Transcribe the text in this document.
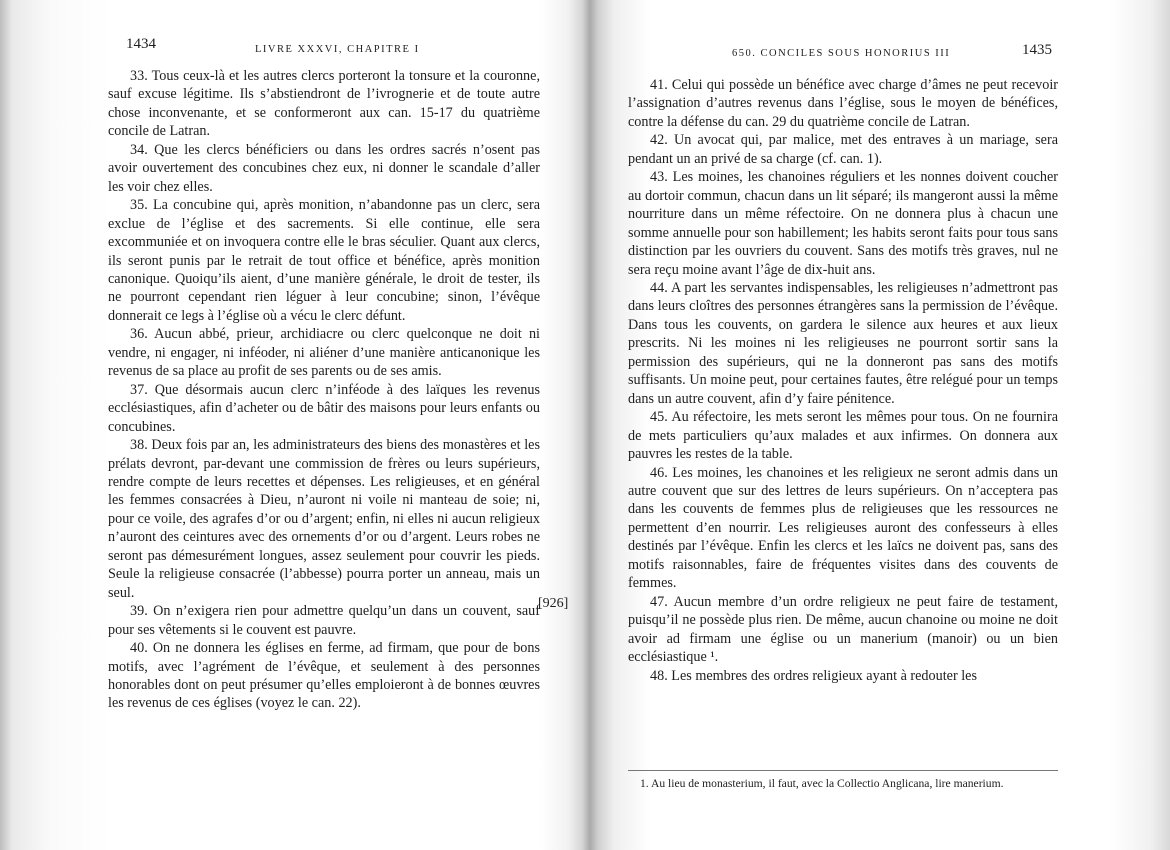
1434	LIVRE XXXVI, CHAPITRE I

33. Tous ceux-là et les autres clercs porteront la tonsure et la couronne, sauf excuse légitime. Ils s’abstiendront de l’ivrognerie et de toute autre chose inconvenante, et se conformeront aux can. 15-17 du quatrième concile de Latran.

34. Que les clercs bénéficiers ou dans les ordres sacrés n’osent pas avoir ouvertement des concubines chez eux, ni donner le scandale d’aller les voir chez elles.

35. La concubine qui, après monition, n’abandonne pas un clerc, sera exclue de l’église et des sacrements. Si elle continue, elle sera excommuniée et on invoquera contre elle le bras séculier. Quant aux clercs, ils seront punis par le retrait de tout office et bénéfice, après monition canonique. Quoiqu’ils aient, d’une manière générale, le droit de tester, ils ne pourront cependant rien léguer à leur concubine; sinon, l’évêque donnerait ce legs à l’église où a vécu le clerc défunt.

36. Aucun abbé, prieur, archidiacre ou clerc quelconque ne doit ni vendre, ni engager, ni inféoder, ni aliéner d’une manière anticanonique les revenus de sa place au profit de ses parents ou de ses amis.

37. Que désormais aucun clerc n’inféode à des laïques les revenus ecclésiastiques, afin d’acheter ou de bâtir des maisons pour leurs enfants ou concubines.

38. Deux fois par an, les administrateurs des biens des monastères et les prélats devront, par-devant une commission de frères ou leurs supérieurs, rendre compte de leurs recettes et dépenses. Les religieuses, et en général les femmes consacrées à Dieu, n’auront ni voile ni manteau de soie; ni, pour ce voile, des agrafes d’or ou d’argent; enfin, ni elles ni aucun religieux n’auront des ceintures avec des ornements d’or ou d’argent. Leurs robes ne seront pas démesurément longues, assez seulement pour couvrir les pieds. Seule la religieuse consacrée (l’abbesse) pourra porter un anneau, mais un seul.

39. On n’exigera rien pour admettre quelqu’un dans un couvent, sauf pour ses vêtements si le couvent est pauvre.

40. On ne donnera les églises en ferme, ad firmam, que pour de bons motifs, avec l’agrément de l’évêque, et seulement à des personnes honorables dont on peut présumer qu’elles emploieront à de bonnes œuvres les revenus de ces églises (voyez le can. 22).

[926]
650. CONCILES SOUS HONORIUS III	1435

41. Celui qui possède un bénéfice avec charge d’âmes ne peut recevoir l’assignation d’autres revenus dans l’église, sous le moyen de bénéfices, contre la défense du can. 29 du quatrième concile de Latran.

42. Un avocat qui, par malice, met des entraves à un mariage, sera pendant un an privé de sa charge (cf. can. 1).

43. Les moines, les chanoines réguliers et les nonnes doivent coucher au dortoir commun, chacun dans un lit séparé; ils mangeront aussi la même nourriture dans un même réfectoire. On ne donnera plus à chacun une somme annuelle pour son habillement; les habits seront faits pour tous sans distinction par les ouvriers du couvent. Sans des motifs très graves, nul ne sera reçu moine avant l’âge de dix-huit ans.

44. A part les servantes indispensables, les religieuses n’admettront pas dans leurs cloîtres des personnes étrangères sans la permission de l’évêque. Dans tous les couvents, on gardera le silence aux heures et aux lieux prescrits. Ni les moines ni les religieuses ne pourront sortir sans la permission des supérieurs, qui ne la donneront pas sans des motifs suffisants. Un moine peut, pour certaines fautes, être relégué pour un temps dans un autre couvent, afin d’y faire pénitence.

45. Au réfectoire, les mets seront les mêmes pour tous. On ne fournira de mets particuliers qu’aux malades et aux infirmes. On donnera aux pauvres les restes de la table.

46. Les moines, les chanoines et les religieux ne seront admis dans un autre couvent que sur des lettres de leurs supérieurs. On n’acceptera pas dans les couvents de femmes plus de religieuses que les ressources ne permettent d’en nourrir. Les religieuses auront des confesseurs à elles destinés par l’évêque. Enfin les clercs et les laïcs ne doivent pas, sans des motifs raisonnables, faire de fréquentes visites dans des couvents de femmes.

47. Aucun membre d’un ordre religieux ne peut faire de testament, puisqu’il ne possède plus rien. De même, aucun chanoine ou moine ne doit avoir ad firmam une église ou un manerium (manoir) ou un bien ecclésiastique ¹.

48. Les membres des ordres religieux ayant à redouter les

1. Au lieu de monasterium, il faut, avec la Collectio Anglicana, lire manerium.
